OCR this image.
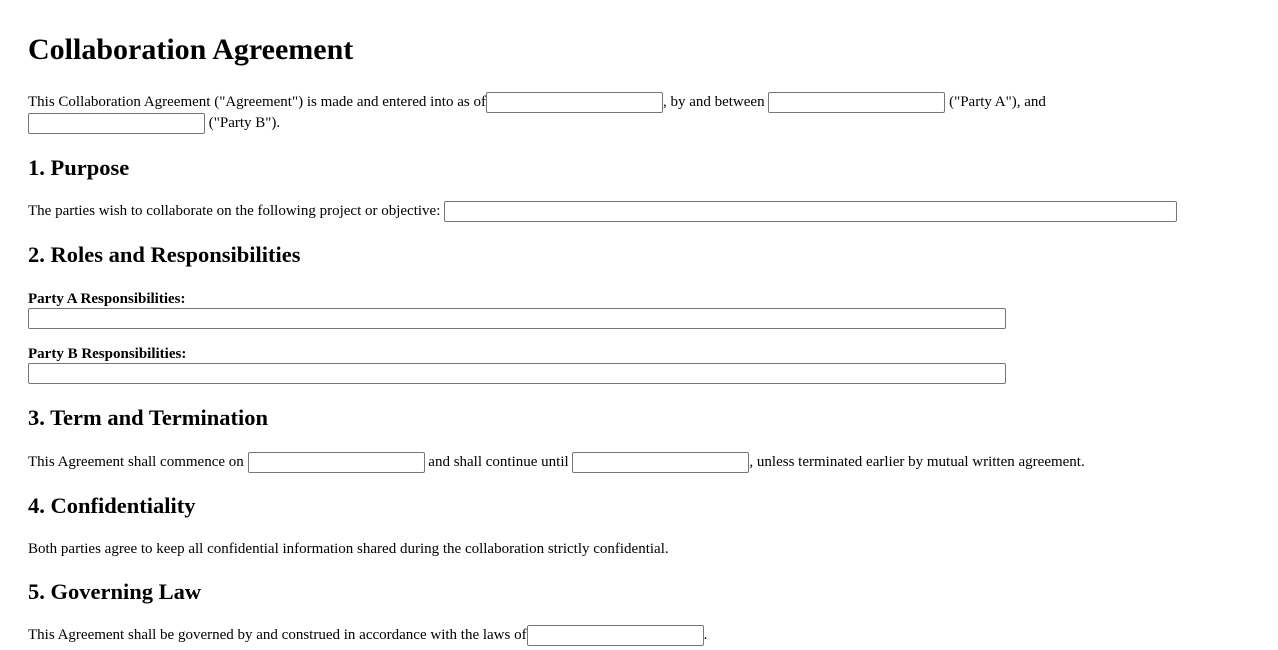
Collaboration Agreement

This Collaboration Agreement ("Agreement") is made and entered into as of	, by and between	("Party A"), and
("Party B").

1. Purpose

The parties wish to collaborate on the following project or objective:

2. Roles and Responsibilities
Party A Responsibilities:
Party B Responsibilities:
3. Term and Termination

This Agreement shall commence on	and shall continue until	, unless terminated earlier by mutual written agreement.

4. Confidentiality

Both parties agree to keep all confidential information shared during the collaboration strictly confidential.

5. Governing Law

This Agreement shall be governed by and construed in accordance with the laws of	.
